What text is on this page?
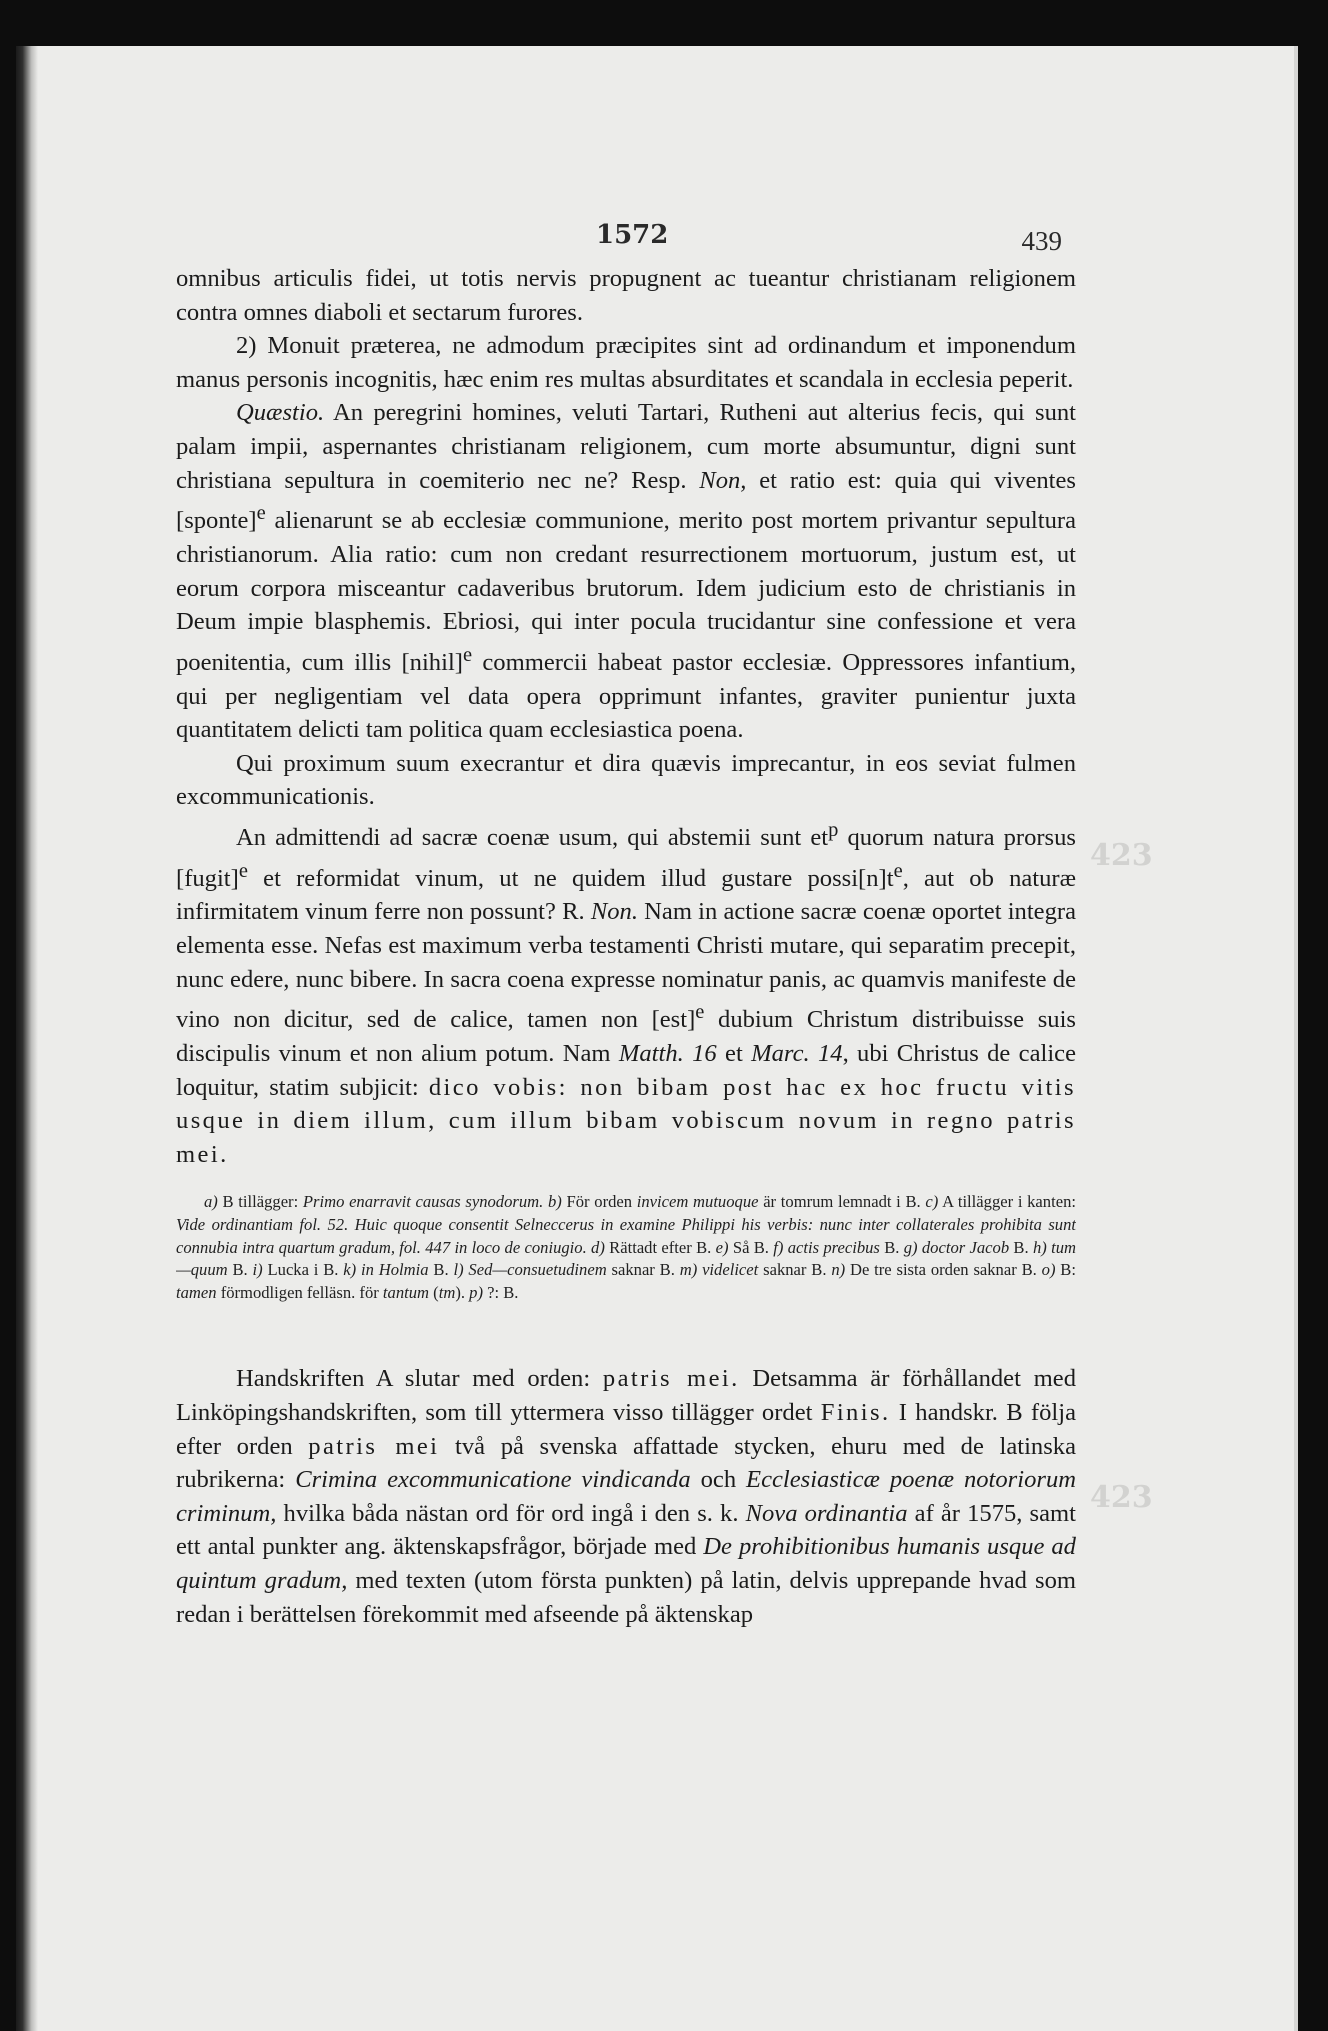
423
423
1572	439

omnibus articulis fidei, ut totis nervis propugnent ac tueantur christianam religionem contra omnes diaboli et sectarum furores.

2) Monuit præterea, ne admodum præcipites sint ad ordinandum et imponendum manus personis incognitis, hæc enim res multas absurditates et scandala in ecclesia peperit.

Quæstio. An peregrini homines, veluti Tartari, Rutheni aut alterius fecis, qui sunt palam impii, aspernantes christianam religionem, cum morte absumuntur, digni sunt christiana sepultura in coemiterio nec ne? Resp. Non, et ratio est: quia qui viventes [sponte]$^e$ alienarunt se ab ecclesiæ communione, merito post mortem privantur sepultura christianorum. Alia ratio: cum non credant resurrectionem mortuorum, justum est, ut eorum corpora misceantur cadaveribus brutorum. Idem judicium esto de christianis in Deum impie blasphemis. Ebriosi, qui inter pocula trucidantur sine confessione et vera poenitentia, cum illis [nihil]$^e$ commercii habeat pastor ecclesiæ. Oppressores infantium, qui per negligentiam vel data opera opprimunt infantes, graviter punientur juxta quantitatem delicti tam politica quam ecclesiastica poena.

Qui proximum suum execrantur et dira quævis imprecantur, in eos seviat fulmen excommunicationis.

An admittendi ad sacræ coenæ usum, qui abstemii sunt $et^p$ quorum natura prorsus [fugit]$^e$ et reformidat vinum, ut ne quidem illud gustare $possi[n]t^e$, aut ob naturæ infirmitatem vinum ferre non possunt? R. Non. Nam in actione sacræ coenæ oportet integra elementa esse. Nefas est maximum verba testamenti Christi mutare, qui separatim precepit, nunc edere, nunc bibere. In sacra coena expresse nominatur panis, ac quamvis manifeste de vino non dicitur, sed de calice, tamen non [est]$^e$ dubium Christum distribuisse suis discipulis vinum et non alium potum. Nam Matth. 16 et Marc. 14, ubi Christus de calice loquitur, statim subjicit: dico vobis: non bibam post hac ex hoc fructu vitis usque in diem illum, cum illum bibam vobiscum novum in regno patris mei.

a) B tillägger: Primo enarravit causas synodorum. b) För orden invicem mutuoque är tomrum lemnadt i B. c) A tillägger i kanten: Vide ordinantiam fol. 52. Huic quoque consentit Selneccerus in examine Philippi his verbis: nunc inter collaterales prohibita sunt connubia intra quartum gradum, fol. 447 in loco de coniugio. d) Rättadt efter B. e) Så B. f) actis precibus B. g) doctor Jacob B. h) tum—quum B. i) Lucka i B. k) in Holmia B. l) Sed—consuetudinem saknar B. m) videlicet saknar B. n) De tre sista orden saknar B. o) B: tamen förmodligen felläsn. för tantum (tm). p) ?: B.
Handskriften A slutar med orden: patris mei. Detsamma är förhållandet med Linköpingshandskriften, som till yttermera visso tillägger ordet Finis. I handskr. B följa efter orden patris mei två på svenska affattade stycken, ehuru med de latinska rubrikerna: Crimina excommunicatione vindicanda och Ecclesiasticæ poenæ notoriorum criminum, hvilka båda nästan ord för ord ingå i den s. k. Nova ordinantia af år 1575, samt ett antal punkter ang. äktenskapsfrågor, började med De prohibitionibus humanis usque ad quintum gradum, med texten (utom första punkten) på latin, delvis upprepande hvad som redan i berättelsen förekommit med afseende på äktenskap
